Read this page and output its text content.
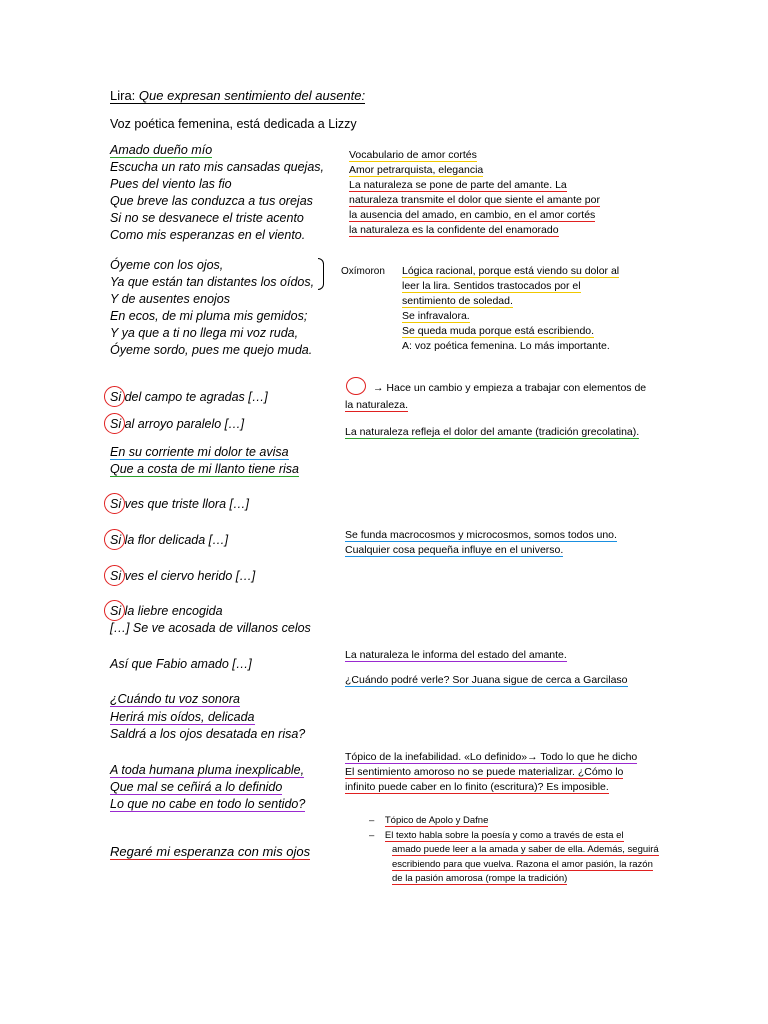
Lira: Que expresan sentimiento del ausente:
Voz poética femenina, está dedicada a Lizzy
Amado dueño mío
Escucha un rato mis cansadas quejas,
Pues del viento las fio
Que breve las conduzca a tus orejas
Si no se desvanece el triste acento
Como mis esperanzas en el viento.
Vocabulario de amor cortés
Amor petrarquista, elegancia
La naturaleza se pone de parte del amante. La
naturaleza transmite el dolor que siente el amante por
la ausencia del amado, en cambio, en el amor cortés
la naturaleza es la confidente del enamorado
Óyeme con los ojos,
Ya que están tan distantes los oídos,
Y de ausentes enojos
En ecos, de mi pluma mis gemidos;
Y ya que a ti no llega mi voz ruda,
Óyeme sordo, pues me quejo muda.
Oxímoron Lógica racional, porque está viendo su dolor al
leer la lira. Sentidos trastocados por el
sentimiento de soledad.
Se infravalora.
Se queda muda porque está escribiendo.
A: voz poética femenina. Lo más importante.
Si del campo te agradas […]
Si al arroyo paralelo […]
En su corriente mi dolor te avisa
Que a costa de mi llanto tiene risa
Si ves que triste llora […]
Si la flor delicada […]
Si ves el ciervo herido […]
Si la liebre encogida
[…] Se ve acosada de villanos celos
Así que Fabio amado […]
¿Cuándo tu voz sonora
Herirá mis oídos, delicada
Saldrá a los ojos desatada en risa?
A toda humana pluma inexplicable,
Que mal se ceñirá a lo definido
Lo que no cabe en todo lo sentido?
Regaré mi esperanza con mis ojos
→ Hace un cambio y empieza a trabajar con elementos de
la naturaleza.
La naturaleza refleja el dolor del amante (tradición grecolatina).
Se funda macrocosmos y microcosmos, somos todos uno.
Cualquier cosa pequeña influye en el universo.
La naturaleza le informa del estado del amante.
¿Cuándo podré verle? Sor Juana sigue de cerca a Garcilaso
Tópico de la inefabilidad. «Lo definido»→ Todo lo que he dicho
El sentimiento amoroso no se puede materializar. ¿Cómo lo
infinito puede caber en lo finito (escritura)? Es imposible.
– Tópico de Apolo y Dafne
– El texto habla sobre la poesía y como a través de esta el
amado puede leer a la amada y saber de ella. Además, seguirá
escribiendo para que vuelva. Razona el amor pasión, la razón
de la pasión amorosa (rompe la tradición)
